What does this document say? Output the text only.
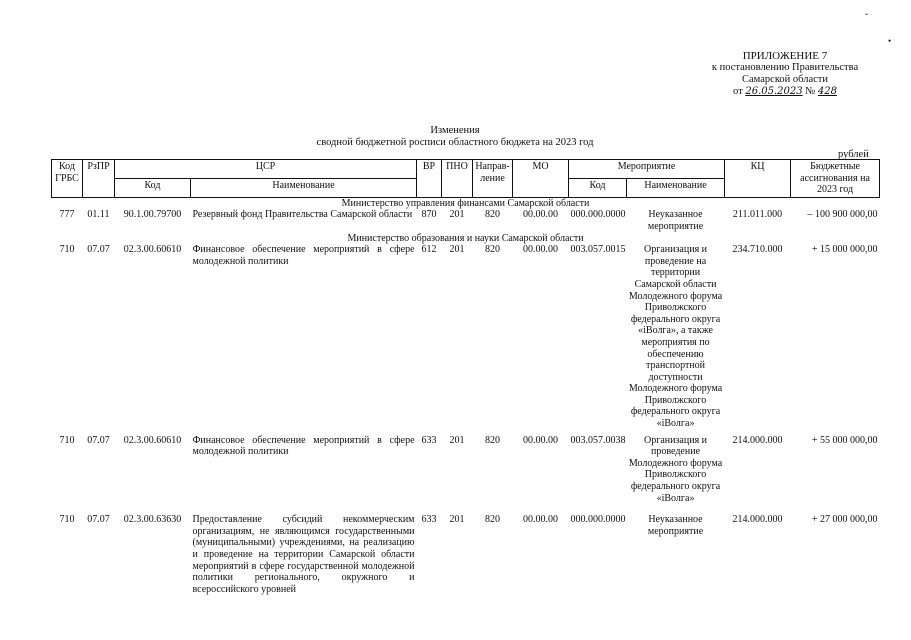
ˇ
•
ПРИЛОЖЕНИЕ 7
к постановлению Правительства
Самарской области
от 26.05.2023 № 428
Изменения
сводной бюджетной росписи областного бюджета на 2023 год
рублей
Код ГРБС	РзПР	ЦСР		ВР	ПНО	Направ-ление	МО	Мероприятие		КЦ	Бюджетные ассигнования на 2023 год
		Код	Наименование					Код	Наименование		
Министерство управления финансами Самарской области											
777	01.11	90.1.00.79700	Резервный фонд Правительства Самарской области	870	201	820	00.00.00	000.000.0000	Неуказанное мероприятие	211.011.000	– 100 900 000,00
Министерство образования и науки Самарской области											
710	07.07	02.3.00.60610	Финансовое обеспечение мероприятий в сфере молодежной политики	612	201	820	00.00.00	003.057.0015	Организация и проведение на территории Самарской области Молодежного форума Приволжского федерального округа «iВолга», а также мероприятия по обеспечению транспортной доступности Молодежного форума Приволжского федерального округа «iВолга»	234.710.000	+ 15 000 000,00
710	07.07	02.3.00.60610	Финансовое обеспечение мероприятий в сфере молодежной политики	633	201	820	00.00.00	003.057.0038	Организация и проведение Молодежного форума Приволжского федерального округа «iВолга»	214.000.000	+ 55 000 000,00
710	07.07	02.3.00.63630	Предоставление субсидий некоммерческим организациям, не являющимся государственными (муниципальными) учреждениями, на реализацию и проведение на территории Самарской области мероприятий в сфере государственной молодежной политики регионального, окружного и всероссийского уровней	633	201	820	00.00.00	000.000.0000	Неуказанное мероприятие	214.000.000	+ 27 000 000,00
